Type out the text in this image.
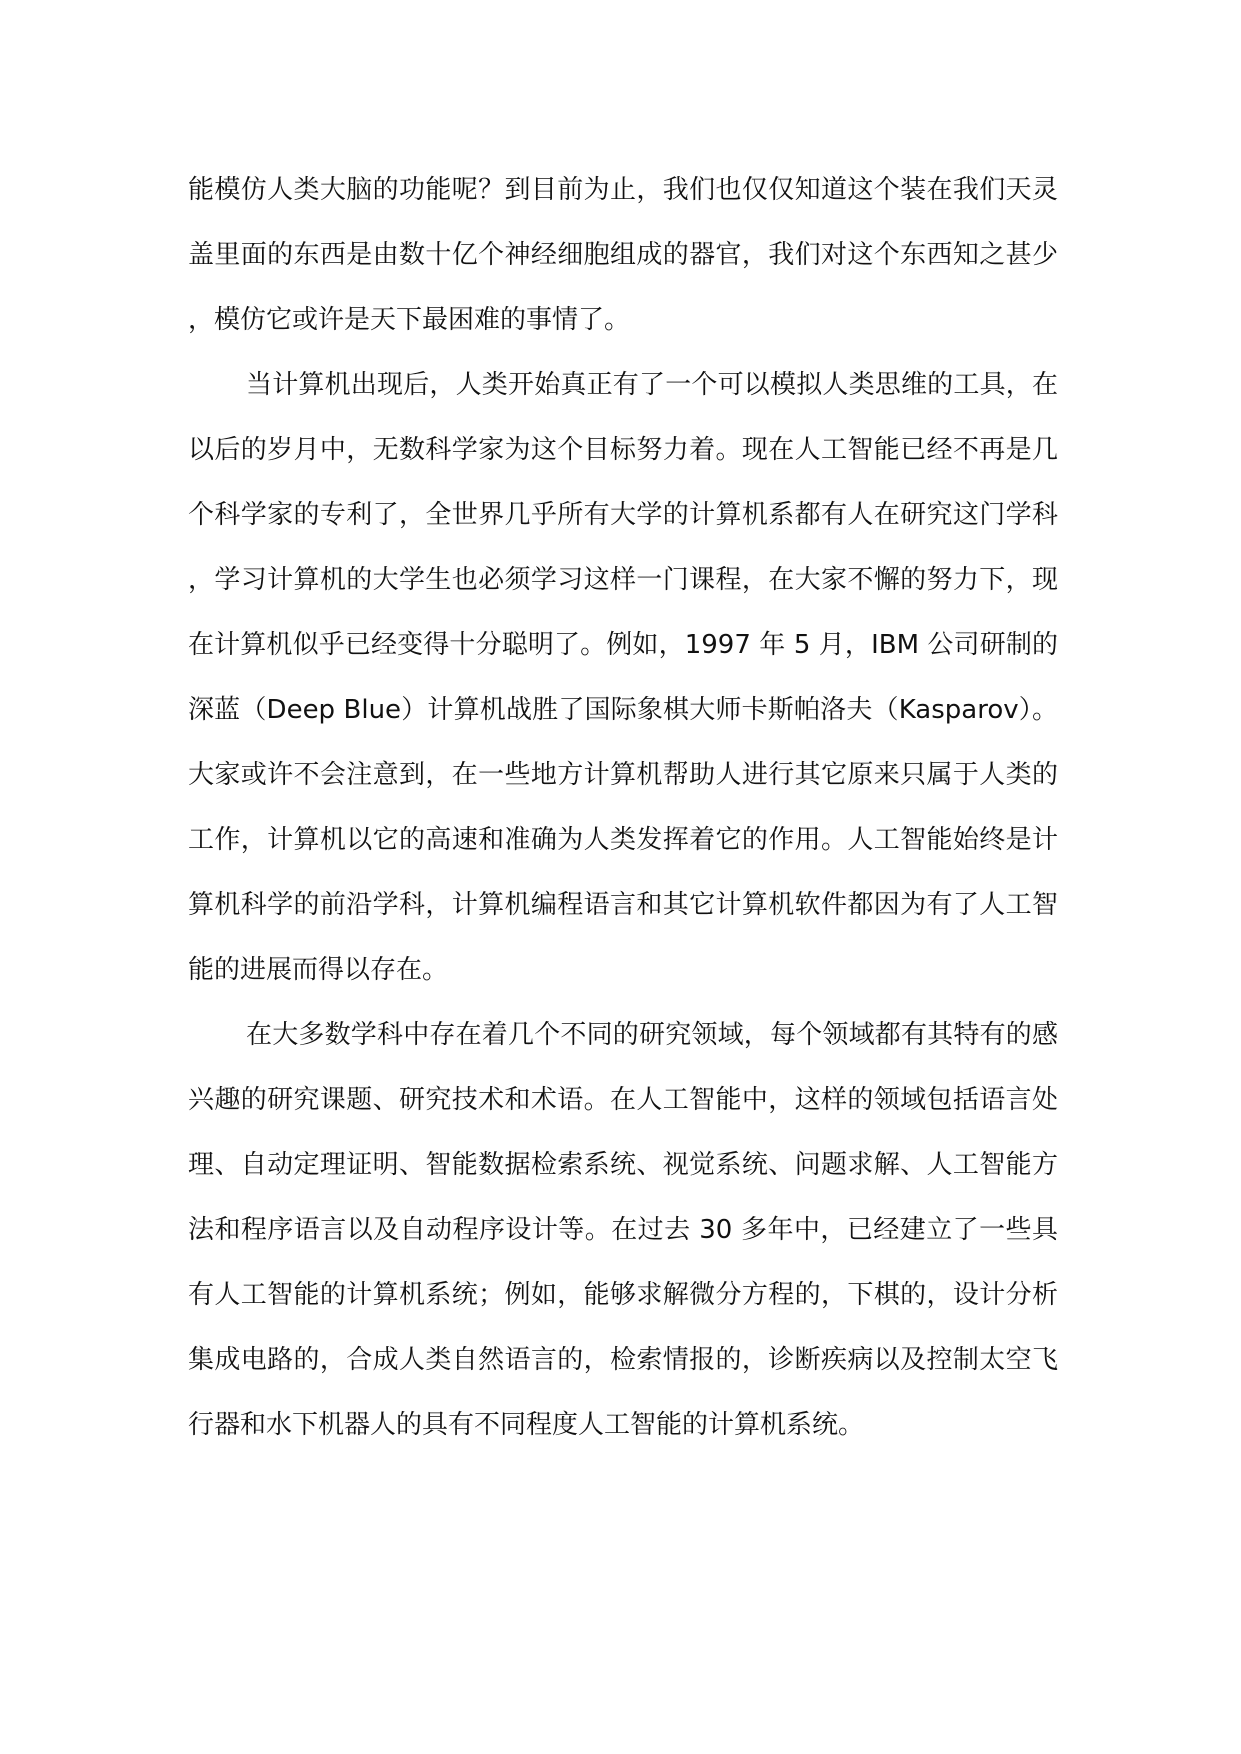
能模仿人类大脑的功能呢？到目前为止，我们也仅仅知道这个装在我们天灵盖里面的东西是由数十亿个神经细胞组成的器官，我们对这个东西知之甚少，模仿它或许是天下最困难的事情了。

当计算机出现后，人类开始真正有了一个可以模拟人类思维的工具，在以后的岁月中，无数科学家为这个目标努力着。现在人工智能已经不再是几个科学家的专利了，全世界几乎所有大学的计算机系都有人在研究这门学科，学习计算机的大学生也必须学习这样一门课程，在大家不懈的努力下，现在计算机似乎已经变得十分聪明了。例如，1997 年 5 月，IBM 公司研制的深蓝（Deep Blue）计算机战胜了国际象棋大师卡斯帕洛夫（Kasparov）。大家或许不会注意到，在一些地方计算机帮助人进行其它原来只属于人类的工作，计算机以它的高速和准确为人类发挥着它的作用。人工智能始终是计算机科学的前沿学科，计算机编程语言和其它计算机软件都因为有了人工智能的进展而得以存在。

在大多数学科中存在着几个不同的研究领域，每个领域都有其特有的感兴趣的研究课题、研究技术和术语。在人工智能中，这样的领域包括语言处理、自动定理证明、智能数据检索系统、视觉系统、问题求解、人工智能方法和程序语言以及自动程序设计等。在过去 30 多年中，已经建立了一些具有人工智能的计算机系统；例如，能够求解微分方程的，下棋的，设计分析集成电路的，合成人类自然语言的，检索情报的，诊断疾病以及控制太空飞行器和水下机器人的具有不同程度人工智能的计算机系统。
